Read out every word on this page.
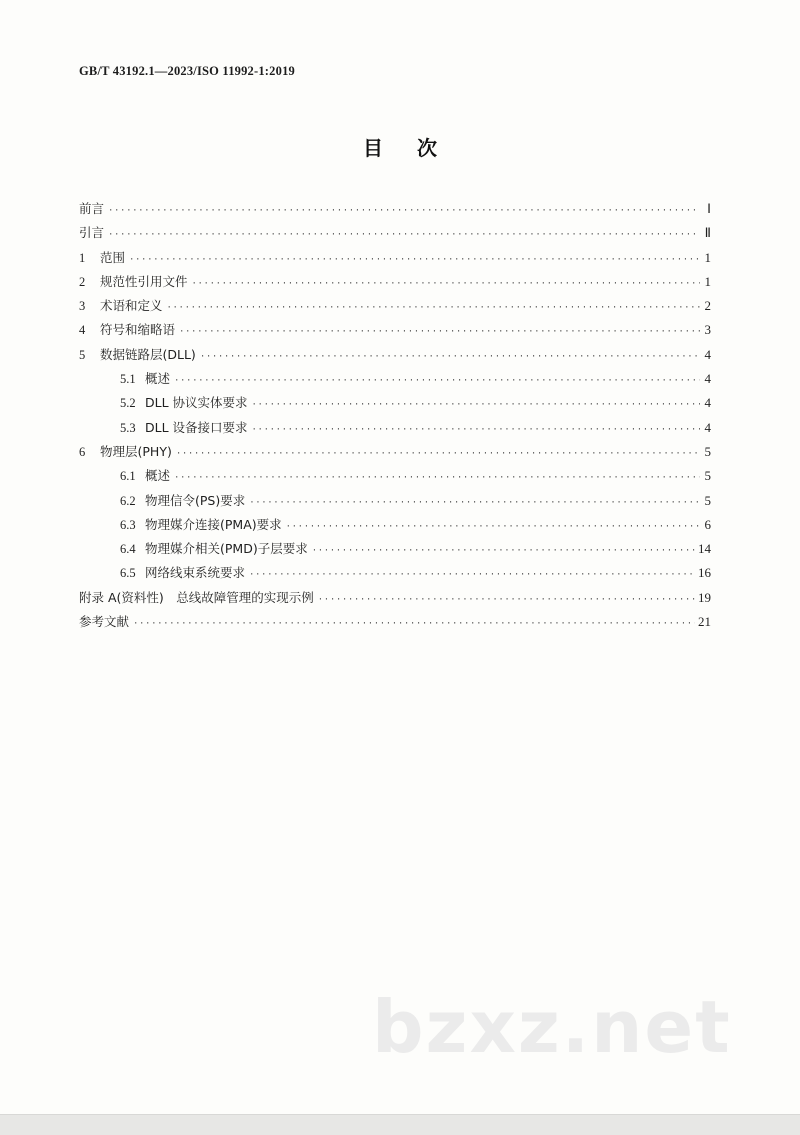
GB/T 43192.1—2023/ISO 11992-1:2019
目次
前言 ·····	Ⅰ
引言 ·····	Ⅱ
1	范围 ·····	1
2	规范性引用文件 ·····	1
3	术语和定义 ·····	2
4	符号和缩略语 ·····	3
5	数据链路层(DLL) ·····	4
5.1 概述 ·····	4
5.2 DLL 协议实体要求 ·····	4
5.3 DLL 设备接口要求 ·····	4
6	物理层(PHY) ·····	5
6.1 概述 ·····	5
6.2 物理信令(PS)要求 ·····	5
6.3 物理媒介连接(PMA)要求 ·····	6
6.4 物理媒介相关(PMD)子层要求 ·····	14
6.5 网络线束系统要求 ·····	16
附录 A(资料性)　总线故障管理的实现示例 ·····	19
参考文献 ·····	21
bzxz.net
